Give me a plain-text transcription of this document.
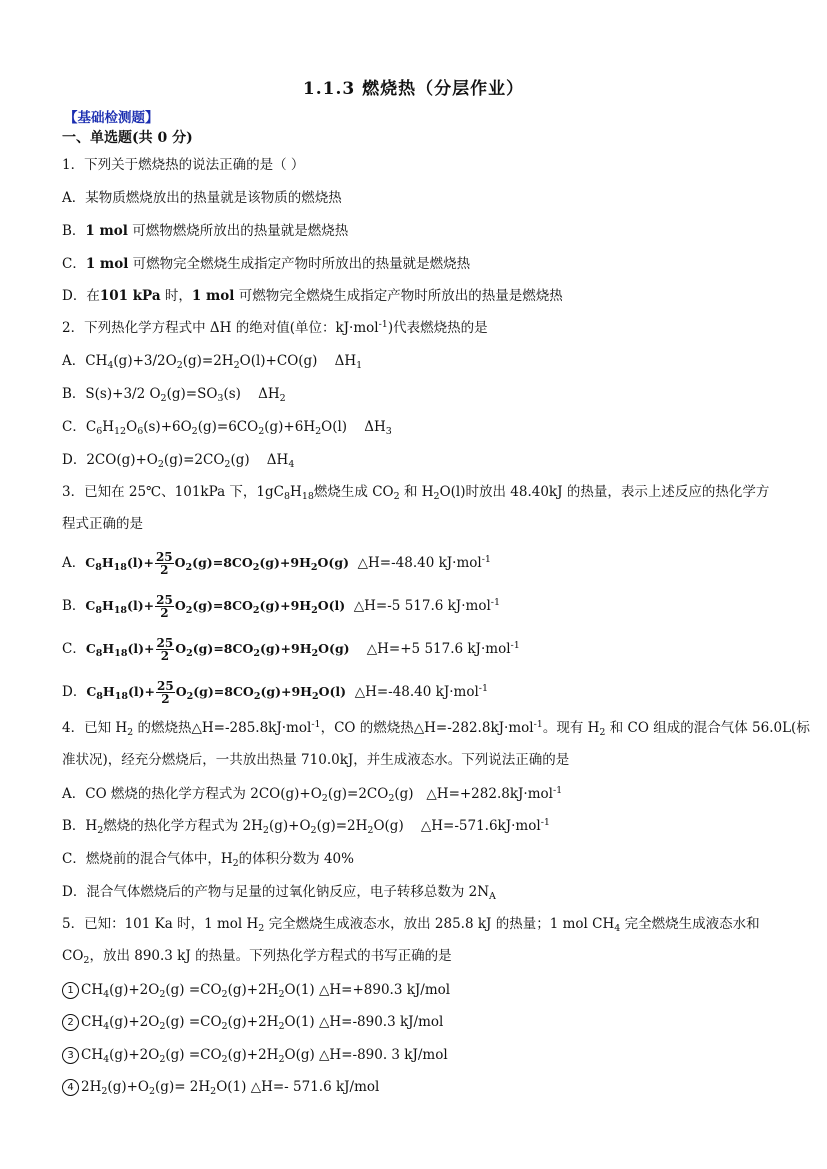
1.1.3 燃烧热（分层作业）
【基础检测题】
一、单选题(共 0 分)
1．下列关于燃烧热的说法正确的是（ ）
A．某物质燃烧放出的热量就是该物质的燃烧热
B．1 mol 可燃物燃烧所放出的热量就是燃烧热
C．1 mol 可燃物完全燃烧生成指定产物时所放出的热量就是燃烧热
D．在101 kPa 时，1 mol 可燃物完全燃烧生成指定产物时所放出的热量是燃烧热
2．下列热化学方程式中 ΔH 的绝对值(单位：kJ·mol$^{-1}$)代表燃烧热的是
A．$CH_4(g)+3/2O_2(g)=2H_2O(l)+CO(g)$    $\Delta H_1$
B．S(s)+3/2 $O_2(g)=SO_3(s)$    $\Delta H_2$
C．$C_6H_{12}O_6(s)+6O_2(g)=6CO_2(g)+6H_2O(l)$    $\Delta H_3$
D．$2CO(g)+O_2(g)=2CO_2(g)$    $\Delta H_4$
3．已知在 25℃、101kPa 下，$1gC_8H_{18}$燃烧生成 $CO_2$ 和 $H_2O(l)$时放出 48.40kJ 的热量，表示上述反应的热化学方
程式正确的是
A．$C_8H_{18}(l)+ \frac{25}{2} O_2(g)=8CO_2(g)+9H_2O(g)$ △H=-48.40 kJ·mol$^{-1}$
B．$C_8H_{18}(l)+ \frac{25}{2} O_2(g)=8CO_2(g)+9H_2O(l)$ △H=-5 517.6 kJ·mol$^{-1}$
C．$C_8H_{18}(l)+ \frac{25}{2} O_2(g)=8CO_2(g)+9H_2O(g)$ △H=+5 517.6 kJ·mol$^{-1}$
D．$C_8H_{18}(l)+ \frac{25}{2} O_2(g)=8CO_2(g)+9H_2O(l)$ △H=-48.40 kJ·mol$^{-1}$
4．已知 $H_2$ 的燃烧热△H=-285.8kJ·mol$^{-1}$，CO 的燃烧热△H=-282.8kJ·mol$^{-1}$。现有 $H_2$ 和 CO 组成的混合气体 56.0L(标
准状况)，经充分燃烧后，一共放出热量 710.0kJ，并生成液态水。下列说法正确的是
A．CO 燃烧的热化学方程式为 $2CO(g)+O_2(g)=2CO_2(g)$   △H=+282.8kJ·mol$^{-1}$
B．$H_2$燃烧的热化学方程式为 $2H_2(g)+O_2(g)=2H_2O(g)$    △H=-571.6kJ·mol$^{-1}$
C．燃烧前的混合气体中，$H_2$的体积分数为 40%
D．混合气体燃烧后的产物与足量的过氧化钠反应，电子转移总数为 $2N_A$
5．已知：101 Ka 时，1 mol $H_2$ 完全燃烧生成液态水，放出 285.8 kJ 的热量；1 mol $CH_4$ 完全燃烧生成液态水和
$CO_2$，放出 890.3 kJ 的热量。下列热化学方程式的书写正确的是
1 $CH_4(g)+2O_2(g) =CO_2(g)+2H_2O(1)$ △H=+890.3 kJ/mol
2 $CH_4(g)+2O_2(g) =CO_2(g)+2H_2O(1)$ △H=-890.3 kJ/mol
3 $CH_4(g)+2O_2(g) =CO_2(g)+2H_2O(g)$ △H=-890. 3 kJ/mol
4 $2H_2(g)+O_2(g)= 2H_2O(1)$ △H=- 571.6 kJ/mol
